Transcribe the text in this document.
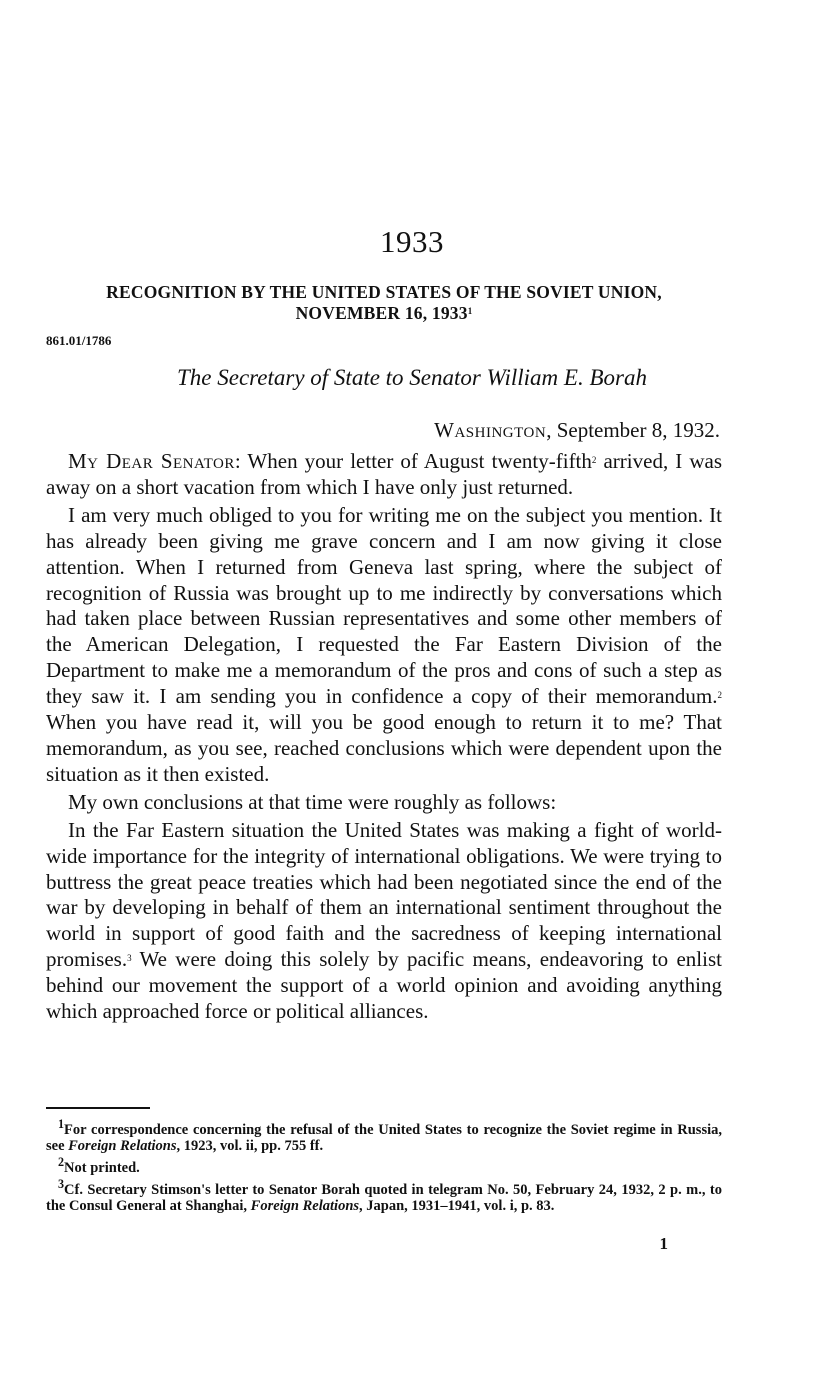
1933
RECOGNITION BY THE UNITED STATES OF THE SOVIET UNION,
NOVEMBER 16, 1933$^1$
861.01/1786
The Secretary of State to Senator William E. Borah
Washington, September 8, 1932.

My Dear Senator: When your letter of August twenty-fifth$^2$ arrived, I was away on a short vacation from which I have only just returned.

I am very much obliged to you for writing me on the subject you mention. It has already been giving me grave concern and I am now giving it close attention. When I returned from Geneva last spring, where the subject of recognition of Russia was brought up to me indirectly by conversations which had taken place between Russian representatives and some other members of the American Delegation, I requested the Far Eastern Division of the Department to make me a memorandum of the pros and cons of such a step as they saw it. I am sending you in confidence a copy of their memorandum.$^2$ When you have read it, will you be good enough to return it to me? That memorandum, as you see, reached conclusions which were dependent upon the situation as it then existed.

My own conclusions at that time were roughly as follows:

In the Far Eastern situation the United States was making a fight of world-wide importance for the integrity of international obligations. We were trying to buttress the great peace treaties which had been negotiated since the end of the war by developing in behalf of them an international sentiment throughout the world in support of good faith and the sacredness of keeping international promises.$^3$ We were doing this solely by pacific means, endeavoring to enlist behind our movement the support of a world opinion and avoiding anything which approached force or political alliances.

$^1$For correspondence concerning the refusal of the United States to recognize the Soviet regime in Russia, see Foreign Relations, 1923, vol. ii, pp. 755 ff.

$^2$Not printed.

$^3$Cf. Secretary Stimson's letter to Senator Borah quoted in telegram No. 50, February 24, 1932, 2 p. m., to the Consul General at Shanghai, Foreign Relations, Japan, 1931–1941, vol. i, p. 83.

1
